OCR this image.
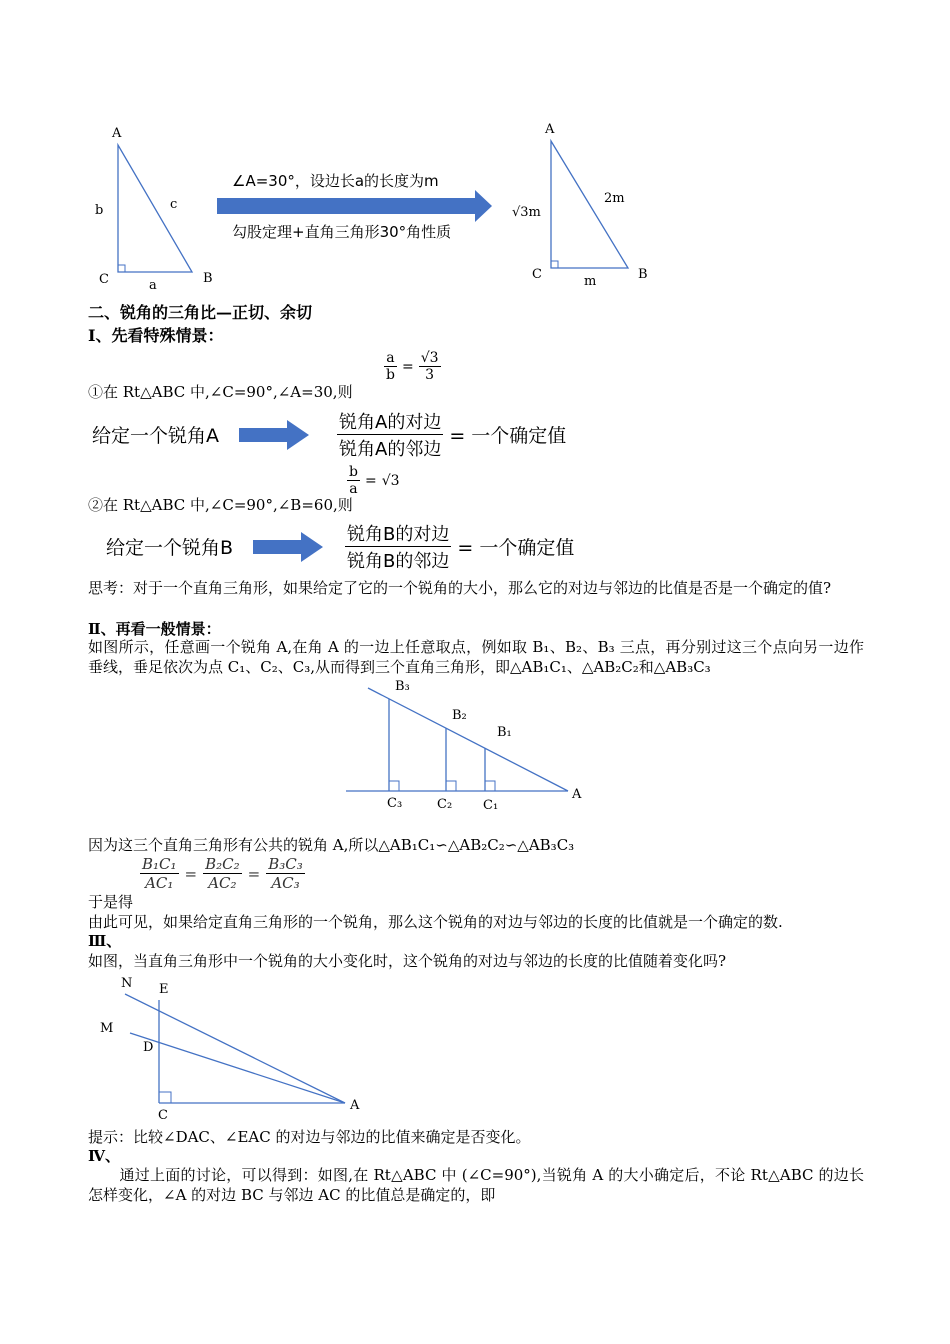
A
b	c
C	B
a
∠A=30°，设边长a的长度为m
勾股定理+直角三角形30°角性质
A
2m
√3m
C	B
m
二、锐角的三角比—正切、余切
Ⅰ、先看特殊情景：
$\frac{a}{b} = \frac{√3}{3}$
①在 Rt△ABC 中,∠C=90°,∠A=30,则
给定一个锐角A	$\frac{\text{锐角A的对边}}{\text{锐角A的邻边}}$ = 一个确定值
$\frac{b}{a} = √3$
②在 Rt△ABC 中,∠C=90°,∠B=60,则
给定一个锐角B	$\frac{\text{锐角B的对边}}{\text{锐角B的邻边}}$ = 一个确定值
思考：对于一个直角三角形，如果给定了它的一个锐角的大小，那么它的对边与邻边的比值是否是一个确定的值?
Ⅱ、再看一般情景：
如图所示，任意画一个锐角 A,在角 A 的一边上任意取点，例如取 B₁、B₂、B₃ 三点，再分别过这三个点向另一边作垂线，垂足依次为点 C₁、C₂、C₃,从而得到三个直角三角形，即△AB₁C₁、△AB₂C₂和△AB₃C₃
B₃
B₂
B₁
C₃	C₂ C₁
A
因为这三个直角三角形有公共的锐角 A,所以△AB₁C₁∽△AB₂C₂∽△AB₃C₃
$\frac{\text{B₁C₁}}{\text{AC₁}} = \frac{\text{B₂C₂}}{\text{AC₂}} = \frac{\text{B₃C₃}}{\text{AC₃}}$
于是得
由此可见，如果给定直角三角形的一个锐角，那么这个锐角的对边与邻边的长度的比值就是一个确定的数.
Ⅲ、
如图，当直角三角形中一个锐角的大小变化时，这个锐角的对边与邻边的长度的比值随着变化吗?
N E
M
D
C
A
提示：比较∠DAC、∠EAC 的对边与邻边的比值来确定是否变化。
Ⅳ、
通过上面的讨论，可以得到：如图,在 Rt△ABC 中 (∠C=90°),当锐角 A 的大小确定后，不论 Rt△ABC 的边长怎样变化，∠A 的对边 BC 与邻边 AC 的比值总是确定的，即
